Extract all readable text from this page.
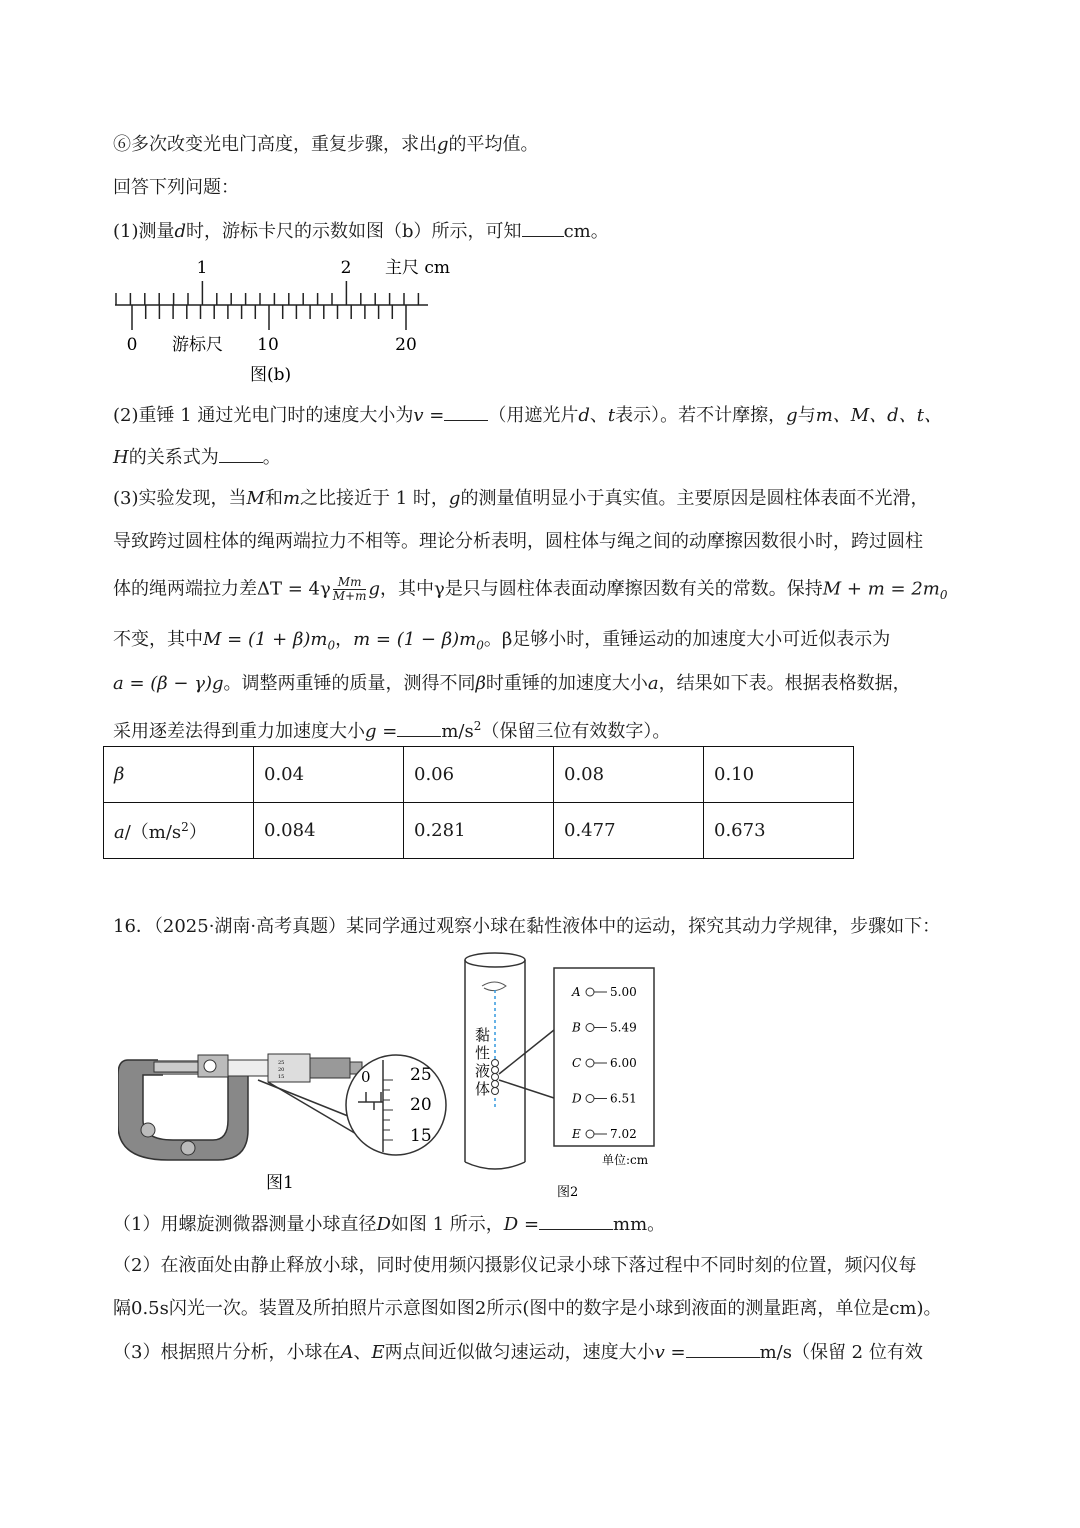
⑥多次改变光电门高度，重复步骤，求出g的平均值。
回答下列问题：
(1)测量d时，游标卡尺的示数如图（b）所示，可知 cm。
1	2 主尺 cm
0	10	20
游标尺
图(b)
(2)重锤 1 通过光电门时的速度大小为v = （用遮光片d、t表示）。若不计摩擦，g与m、M、d、t、
H的关系式为 。
(3)实验发现，当M和m之比接近于 1 时，g的测量值明显小于真实值。主要原因是圆柱体表面不光滑，
导致跨过圆柱体的绳两端拉力不相等。理论分析表明，圆柱体与绳之间的动摩擦因数很小时，跨过圆柱
体的绳两端拉力差$\Delta T = 4\gamma \frac{Mm}{M+m}$ g，其中γ是只与圆柱体表面动摩擦因数有关的常数。保持$M + m = 2m_0$
不变，其中$M = (1 + \beta)m_0$，$m = (1 - \beta)m_0$。β足够小时，重锤运动的加速度大小可近似表示为
a = (β − γ)g。调整两重锤的质量，测得不同β时重锤的加速度大小a，结果如下表。根据表格数据，
采用逐差法得到重力加速度大小$g = m/s^2$（保留三位有效数字）。
β	0.04	0.06	0.08	0.10
$a/(m/s^2)$	0.084	0.281	0.477	0.673
16．（2025·湖南·高考真题）某同学通过观察小球在黏性液体中的运动，探究其动力学规律，步骤如下：
25
20
15	0 25
20
15
图1
黏
性
液
体
A 5.00
B 5.49
C 6.00
D 6.51
E 7.02
单位:cm
图2
（1）用螺旋测微器测量小球直径D如图 1 所示，D =	mm。
（2）在液面处由静止释放小球，同时使用频闪摄影仪记录小球下落过程中不同时刻的位置，频闪仪每
隔0.5s闪光一次。装置及所拍照片示意图如图2所示(图中的数字是小球到液面的测量距离，单位是cm)。
（3）根据照片分析，小球在A、E两点间近似做匀速运动，速度大小v =	m/s（保留 2 位有效
